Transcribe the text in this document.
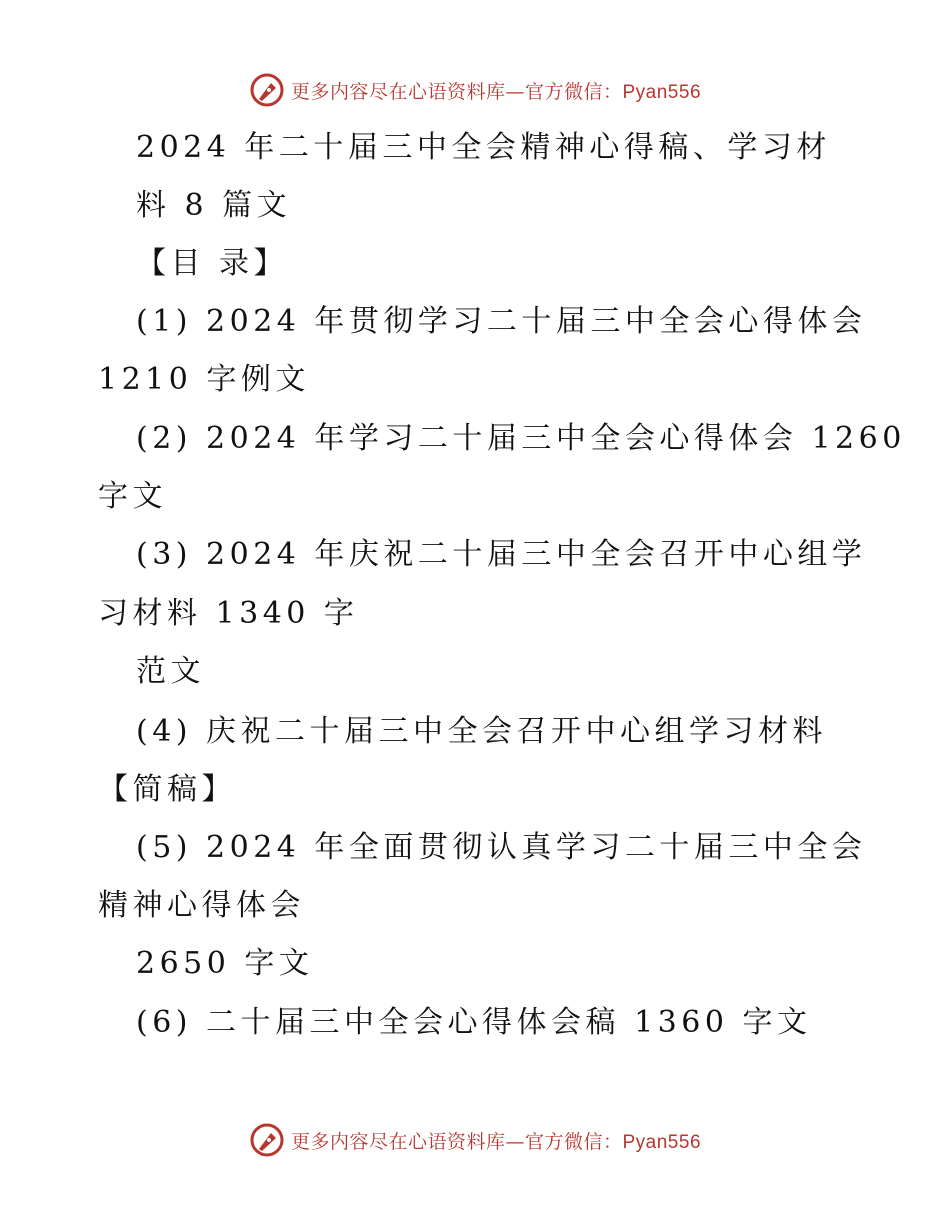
更多内容尽在心语资料库—官方微信：Pyan556
2024 年二十届三中全会精神心得稿、学习材
料 8 篇文
【目 录】
(1) 2024 年贯彻学习二十届三中全会心得体会
1210 字例文
(2) 2024 年学习二十届三中全会心得体会 1260
字文
(3) 2024 年庆祝二十届三中全会召开中心组学
习材料 1340 字
范文
(4) 庆祝二十届三中全会召开中心组学习材料
【简稿】
(5) 2024 年全面贯彻认真学习二十届三中全会
精神心得体会
2650 字文
(6) 二十届三中全会心得体会稿 1360 字文
更多内容尽在心语资料库—官方微信：Pyan556
